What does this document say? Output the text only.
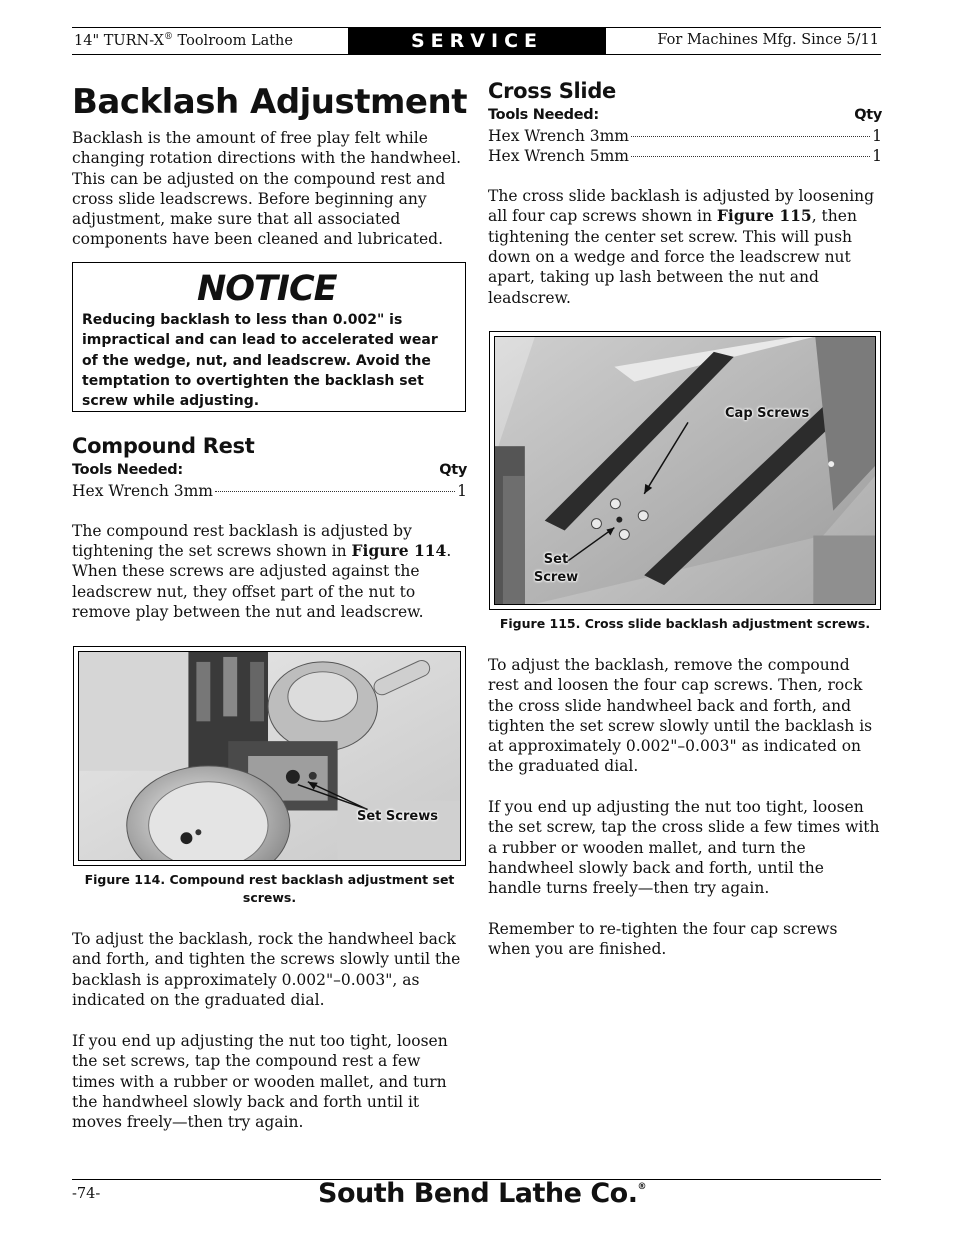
14" TURN-X® Toolroom Lathe	SERVICE	For Machines Mfg. Since 5/11
Backlash Adjustment
Backlash is the amount of free play felt while changing rotation directions with the handwheel. This can be adjusted on the compound rest and cross slide leadscrews. Before beginning any adjustment, make sure that all associated components have been cleaned and lubricated.
NOTICE
Reducing backlash to less than 0.002" is impractical and can lead to accelerated wear of the wedge, nut, and leadscrew. Avoid the temptation to overtighten the backlash set screw while adjusting.
Compound Rest
Tools Needed:	Qty
Hex Wrench 3mm	1
The compound rest backlash is adjusted by tightening the set screws shown in Figure 114. When these screws are adjusted against the leadscrew nut, they offset part of the nut to remove play between the nut and leadscrew.
Set Screws
Figure 114. Compound rest backlash adjustment set screws.
To adjust the backlash, rock the handwheel back and forth, and tighten the screws slowly until the backlash is approximately 0.002"–0.003", as indicated on the graduated dial.
If you end up adjusting the nut too tight, loosen the set screws, tap the compound rest a few times with a rubber or wooden mallet, and turn the handwheel slowly back and forth until it moves freely—then try again.
Cross Slide
Tools Needed:	Qty
Hex Wrench 3mm	1
Hex Wrench 5mm	1
The cross slide backlash is adjusted by loosening all four cap screws shown in Figure 115, then tightening the center set screw. This will push down on a wedge and force the leadscrew nut apart, taking up lash between the nut and leadscrew.
Cap Screws
Set
Screw
Figure 115. Cross slide backlash adjustment screws.
To adjust the backlash, remove the compound rest and loosen the four cap screws. Then, rock the cross slide handwheel back and forth, and tighten the set screw slowly until the backlash is at approximately 0.002"–0.003" as indicated on the graduated dial.
If you end up adjusting the nut too tight, loosen the set screw, tap the cross slide a few times with a rubber or wooden mallet, and turn the handwheel slowly back and forth, until the handle turns freely—then try again.
Remember to re-tighten the four cap screws when you are finished.
-74-	South Bend Lathe Co.®
